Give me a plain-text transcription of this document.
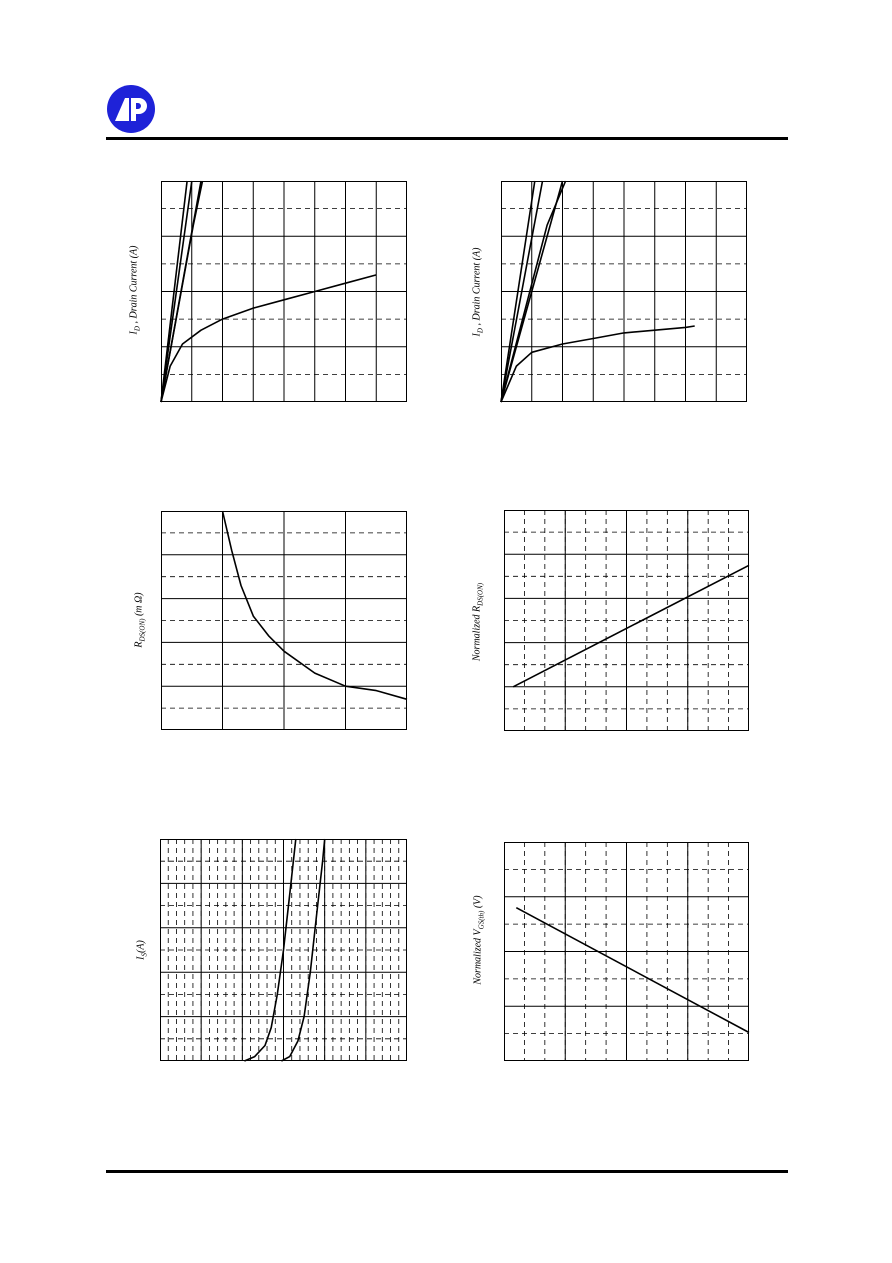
$I_D$ , Drain Current (A)
$I_D$ , Drain Current (A)
$R_{DS(ON)}$ (m Ω)
Normalized $R_{DS(ON)}$
$I_S(A)$	Normalized $V_{GS(th)}$ (V)
